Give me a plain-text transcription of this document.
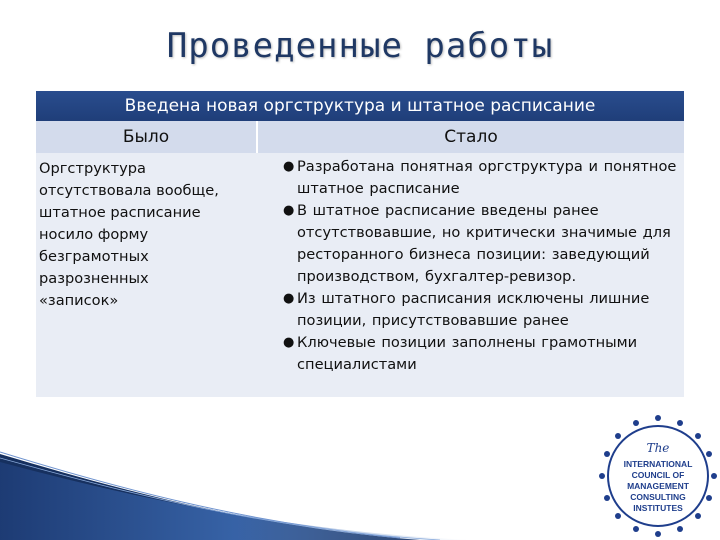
Проведенные работы
Введена новая оргструктура и штатное расписание
Было	Стало
Оргструктура
отсутствовала вообще,
штатное расписание
носило форму
безграмотных
разрозненных
«записок»
● Разработана понятная оргструктура и понятное штатное расписание
● В штатное расписание введены ранее отсутствовавшие, но критически значимые для ресторанного бизнеса позиции: заведующий производством, бухгалтер-ревизор.
● Из штатного расписания исключены лишние позиции, присутствовавшие ранее
● Ключевые позиции заполнены грамотными специалистами
The
INTERNATIONAL
COUNCIL OF
MANAGEMENT
CONSULTING
INSTITUTES
